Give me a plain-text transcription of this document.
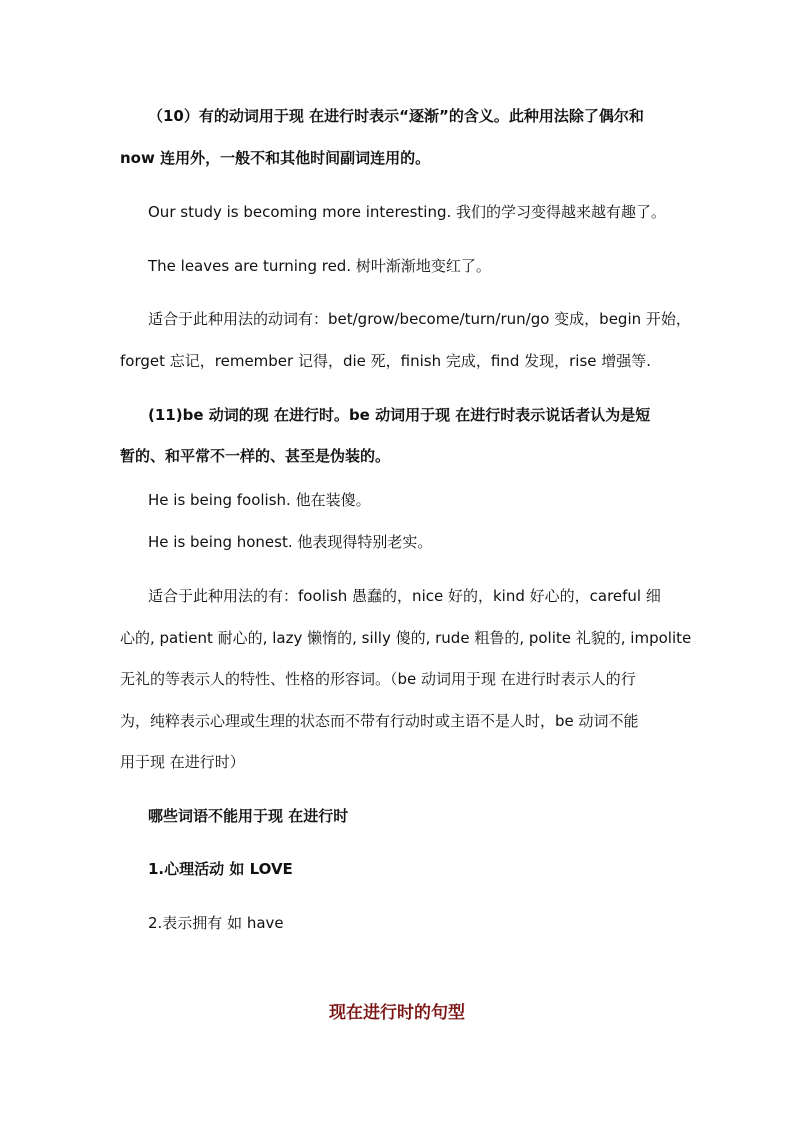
（10）有的动词用于现 在进行时表示“逐渐”的含义。此种用法除了偶尔和
now 连用外，一般不和其他时间副词连用的。
Our study is becoming more interesting. 我们的学习变得越来越有趣了。
The leaves are turning red. 树叶渐渐地变红了。
适合于此种用法的动词有：bet/grow/become/turn/run/go 变成，begin 开始，
forget 忘记，remember 记得，die 死，finish 完成，find 发现，rise 增强等.
(11)be 动词的现 在进行时。be 动词用于现 在进行时表示说话者认为是短
暂的、和平常不一样的、甚至是伪装的。
He is being foolish. 他在装傻。
He is being honest. 他表现得特别老实。
适合于此种用法的有：foolish 愚蠢的，nice 好的，kind 好心的，careful 细
心的, patient 耐心的, lazy 懒惰的, silly 傻的, rude 粗鲁的, polite 礼貌的, impolite
无礼的等表示人的特性、性格的形容词。（be 动词用于现 在进行时表示人的行
为，纯粹表示心理或生理的状态而不带有行动时或主语不是人时，be 动词不能
用于现 在进行时）
哪些词语不能用于现 在进行时
1.心理活动 如 LOVE
2.表示拥有 如 have
现在进行时的句型
